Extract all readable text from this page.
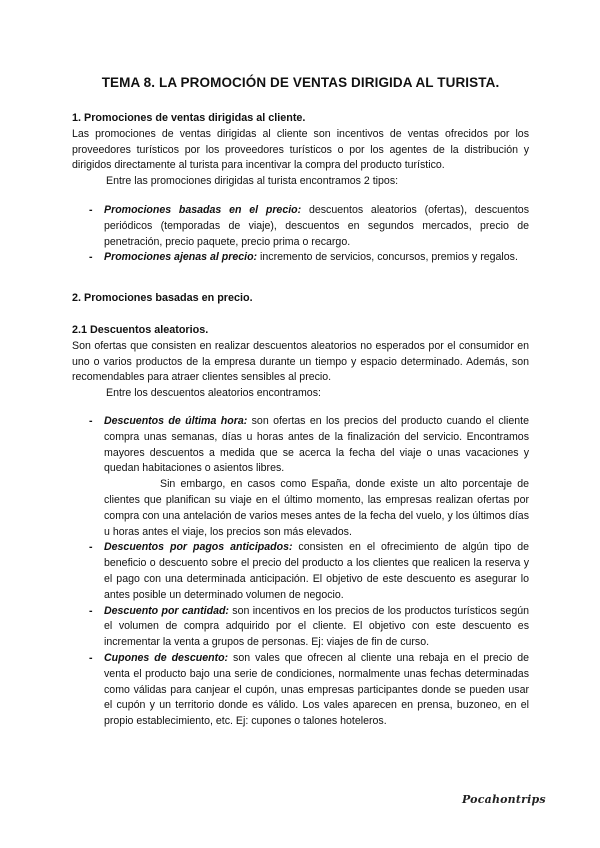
TEMA 8. LA PROMOCIÓN DE VENTAS DIRIGIDA AL TURISTA.
1. Promociones de ventas dirigidas al cliente.
Las promociones de ventas dirigidas al cliente son incentivos de ventas ofrecidos por los proveedores turísticos por los proveedores turísticos o por los agentes de la distribución y dirigidos directamente al turista para incentivar la compra del producto turístico.
Entre las promociones dirigidas al turista encontramos 2 tipos:
- Promociones basadas en el precio: descuentos aleatorios (ofertas), descuentos periódicos (temporadas de viaje), descuentos en segundos mercados, precio de penetración, precio paquete, precio prima o recargo.
- Promociones ajenas al precio: incremento de servicios, concursos, premios y regalos.
2. Promociones basadas en precio.
2.1 Descuentos aleatorios.
Son ofertas que consisten en realizar descuentos aleatorios no esperados por el consumidor en uno o varios productos de la empresa durante un tiempo y espacio determinado. Además, son recomendables para atraer clientes sensibles al precio.
Entre los descuentos aleatorios encontramos:
- Descuentos de última hora: son ofertas en los precios del producto cuando el cliente compra unas semanas, días u horas antes de la finalización del servicio. Encontramos mayores descuentos a medida que se acerca la fecha del viaje o unas vacaciones y quedan habitaciones o asientos libres.
Sin embargo, en casos como España, donde existe un alto porcentaje de clientes que planifican su viaje en el último momento, las empresas realizan ofertas por compra con una antelación de varios meses antes de la fecha del vuelo, y los últimos días u horas antes el viaje, los precios son más elevados.
- Descuentos por pagos anticipados: consisten en el ofrecimiento de algún tipo de beneficio o descuento sobre el precio del producto a los clientes que realicen la reserva y el pago con una determinada anticipación. El objetivo de este descuento es asegurar lo antes posible un determinado volumen de negocio.
- Descuento por cantidad: son incentivos en los precios de los productos turísticos según el volumen de compra adquirido por el cliente. El objetivo con este descuento es incrementar la venta a grupos de personas. Ej: viajes de fin de curso.
- Cupones de descuento: son vales que ofrecen al cliente una rebaja en el precio de venta el producto bajo una serie de condiciones, normalmente unas fechas determinadas como válidas para canjear el cupón, unas empresas participantes donde se pueden usar el cupón y un territorio donde es válido. Los vales aparecen en prensa, buzoneo, en el propio establecimiento, etc. Ej: cupones o talones hoteleros.
Pocahontrips
